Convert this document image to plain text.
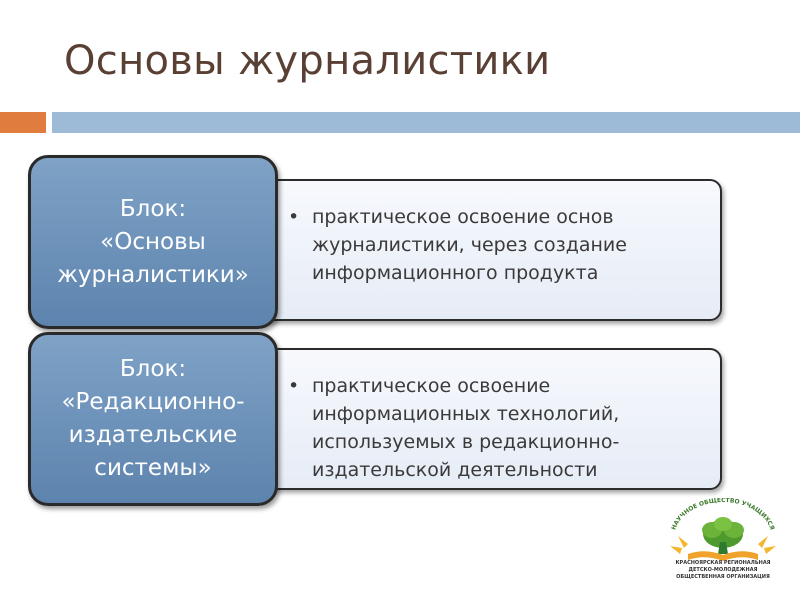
Основы журналистики
• практическое освоение основ журналистики, через создание информационного продукта
Блок:
«Основы
журналистики»
• практическое освоение информационных технологий, используемых в редакционно-издательской деятельности
Блок:
«Редакционно-
издательские
системы»
НАУЧНОЕ ОБЩЕСТВО УЧАЩИХСЯ
КРАСНОЯРСКАЯ РЕГИОНАЛЬНАЯ
ДЕТСКО-МОЛОДЕЖНАЯ
ОБЩЕСТВЕННАЯ ОРГАНИЗАЦИЯ
